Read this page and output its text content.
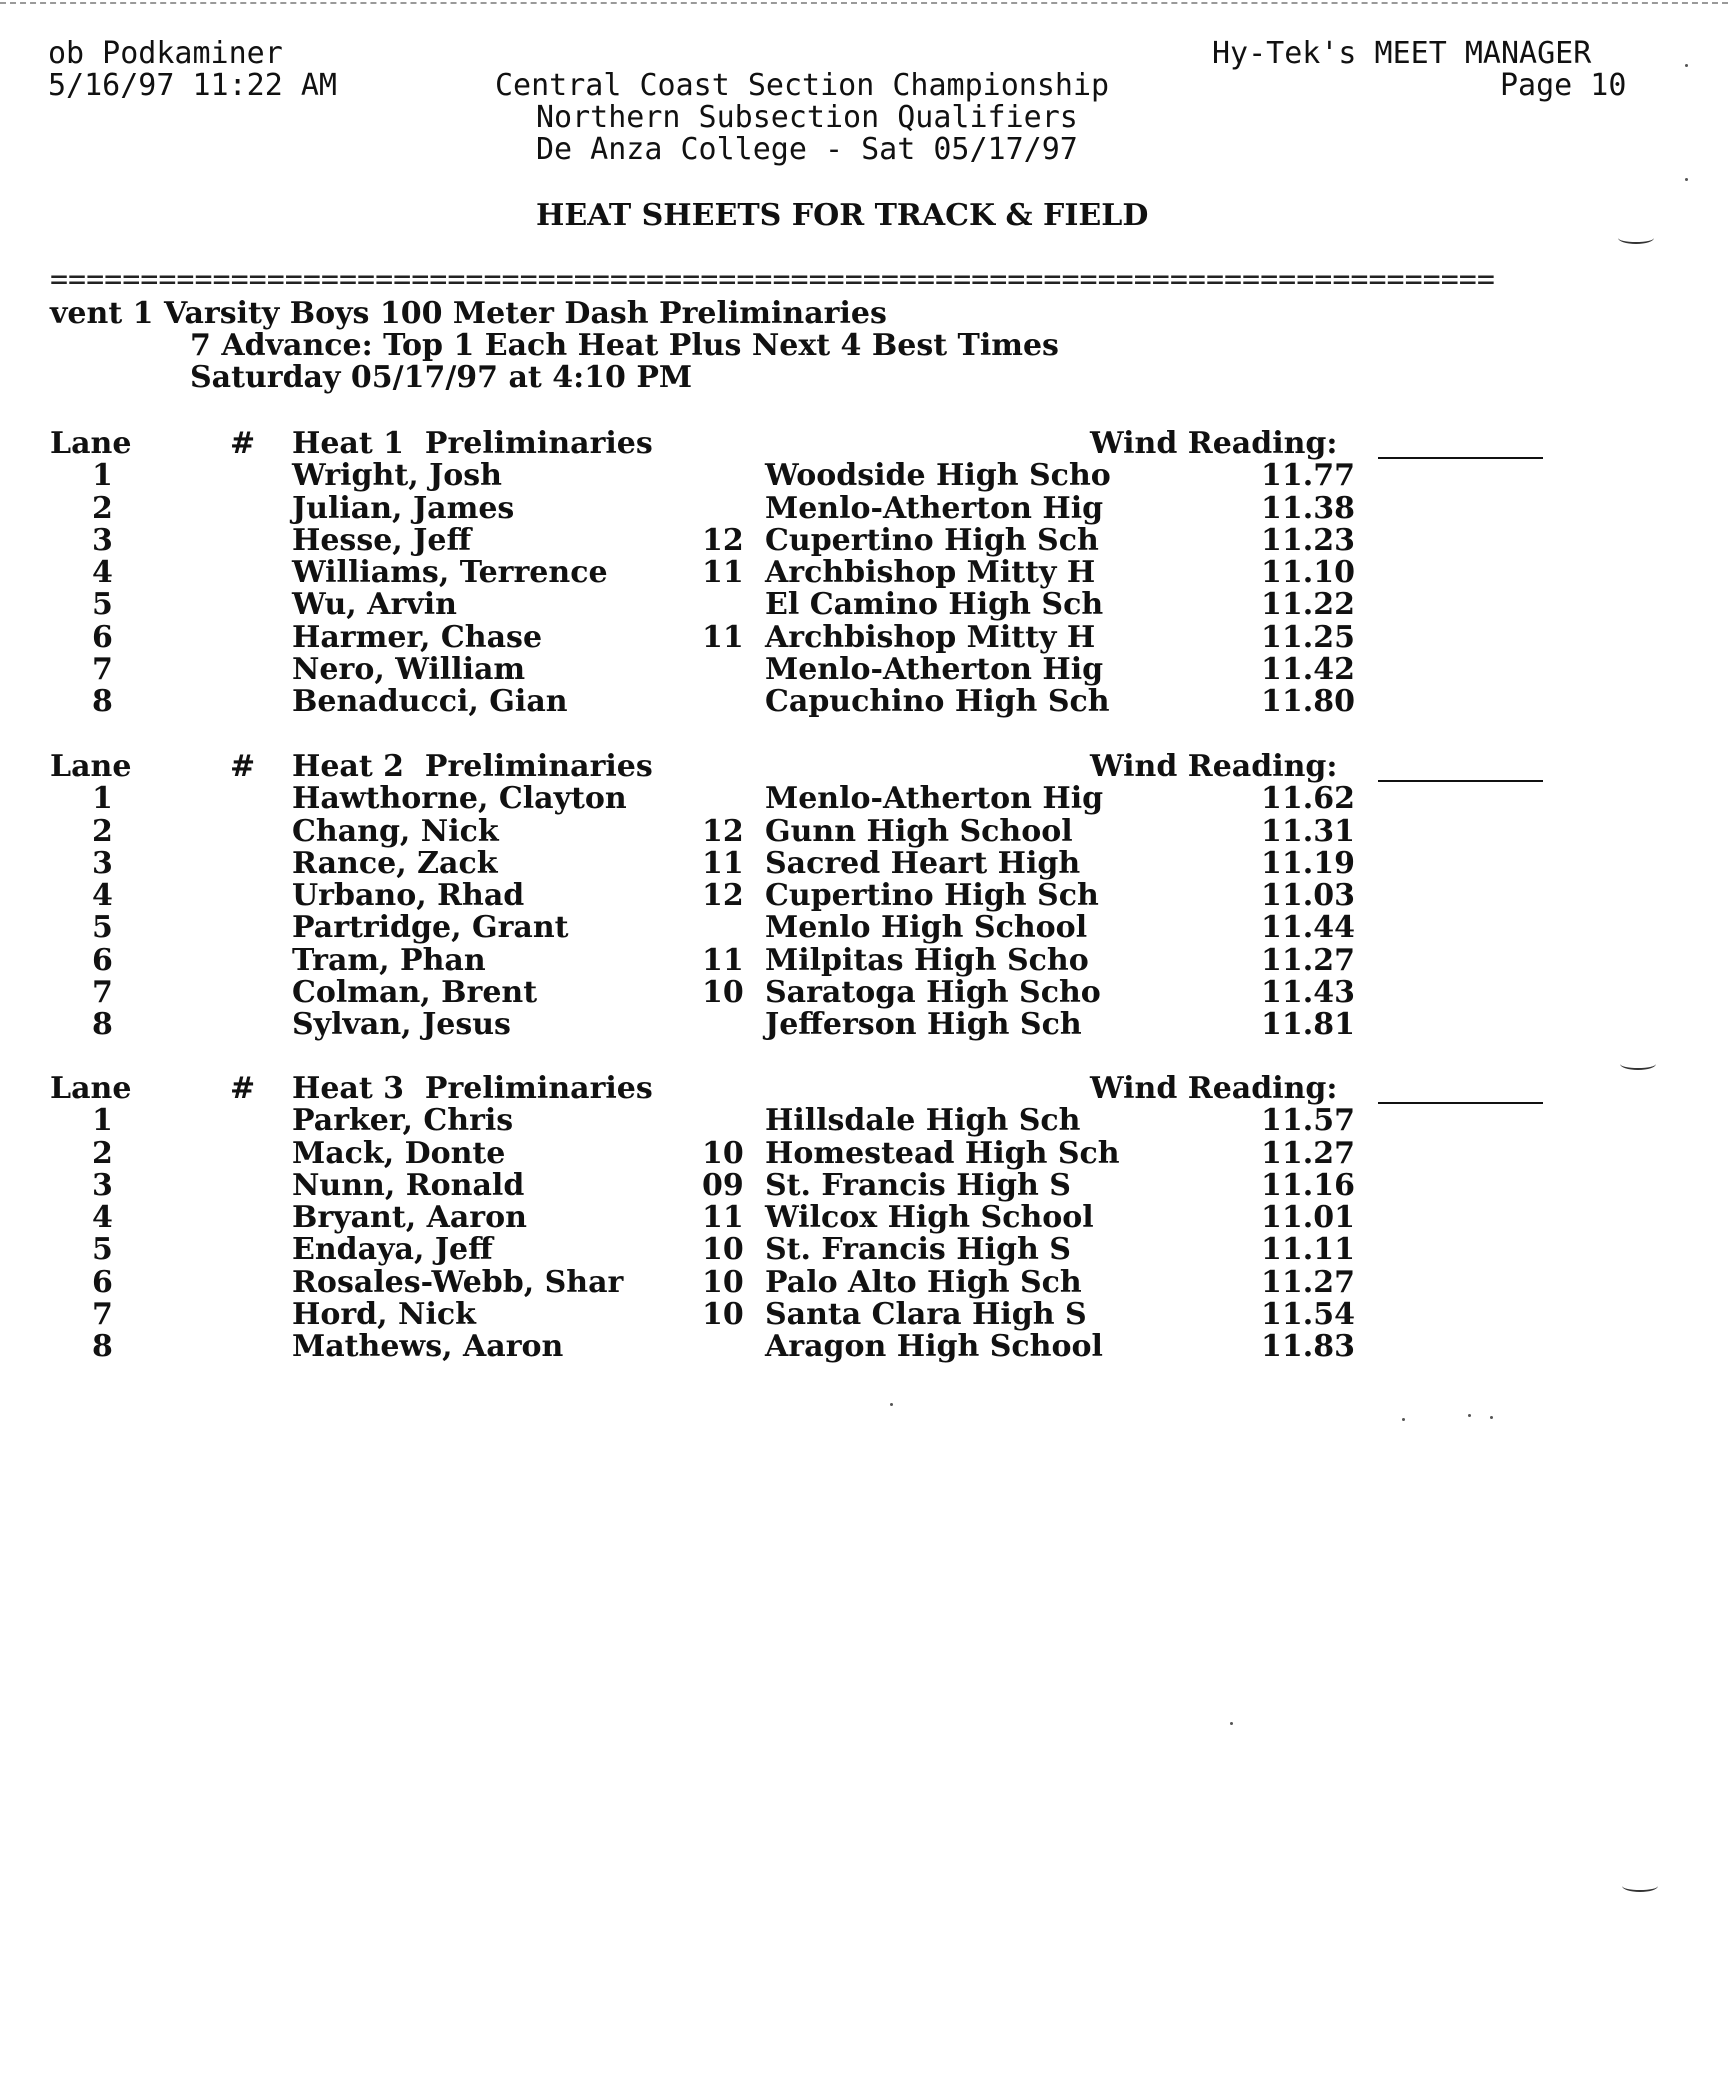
ob Podkaminer
5/16/97 11:22 AM
Hy-Tek's MEET MANAGER
Page 10
Central Coast Section Championship
Northern Subsection Qualifiers
De Anza College - Sat 05/17/97
HEAT SHEETS FOR TRACK & FIELD
================================================================================
vent 1 Varsity Boys 100 Meter Dash Preliminaries
7 Advance: Top 1 Each Heat Plus Next 4 Best Times
Saturday 05/17/97 at 4:10 PM
Lane	# Heat 1  Preliminaries	Wind Reading:
1	Wright, Josh	Woodside High Scho	11.77
2	Julian, James	Menlo-Atherton Hig	11.38
3	Hesse, Jeff	12 Cupertino High Sch	11.23
4	Williams, Terrence	11 Archbishop Mitty H	11.10
5	Wu, Arvin	El Camino High Sch	11.22
6	Harmer, Chase	11 Archbishop Mitty H	11.25
7	Nero, William	Menlo-Atherton Hig	11.42
8	Benaducci, Gian	Capuchino High Sch	11.80
Lane	# Heat 2  Preliminaries	Wind Reading:
1	Hawthorne, Clayton	Menlo-Atherton Hig	11.62
2	Chang, Nick	12 Gunn High School	11.31
3	Rance, Zack	11 Sacred Heart High	11.19
4	Urbano, Rhad	12 Cupertino High Sch	11.03
5	Partridge, Grant	Menlo High School	11.44
6	Tram, Phan	11 Milpitas High Scho	11.27
7	Colman, Brent	10 Saratoga High Scho	11.43
8	Sylvan, Jesus	Jefferson High Sch	11.81
Lane	# Heat 3  Preliminaries	Wind Reading:
1	Parker, Chris	Hillsdale High Sch	11.57
2	Mack, Donte	10 Homestead High Sch	11.27
3	Nunn, Ronald	09 St. Francis High S	11.16
4	Bryant, Aaron	11 Wilcox High School	11.01
5	Endaya, Jeff	10 St. Francis High S	11.11
6	Rosales-Webb, Shar	10 Palo Alto High Sch	11.27
7	Hord, Nick	10 Santa Clara High S	11.54
8	Mathews, Aaron	Aragon High School	11.83
